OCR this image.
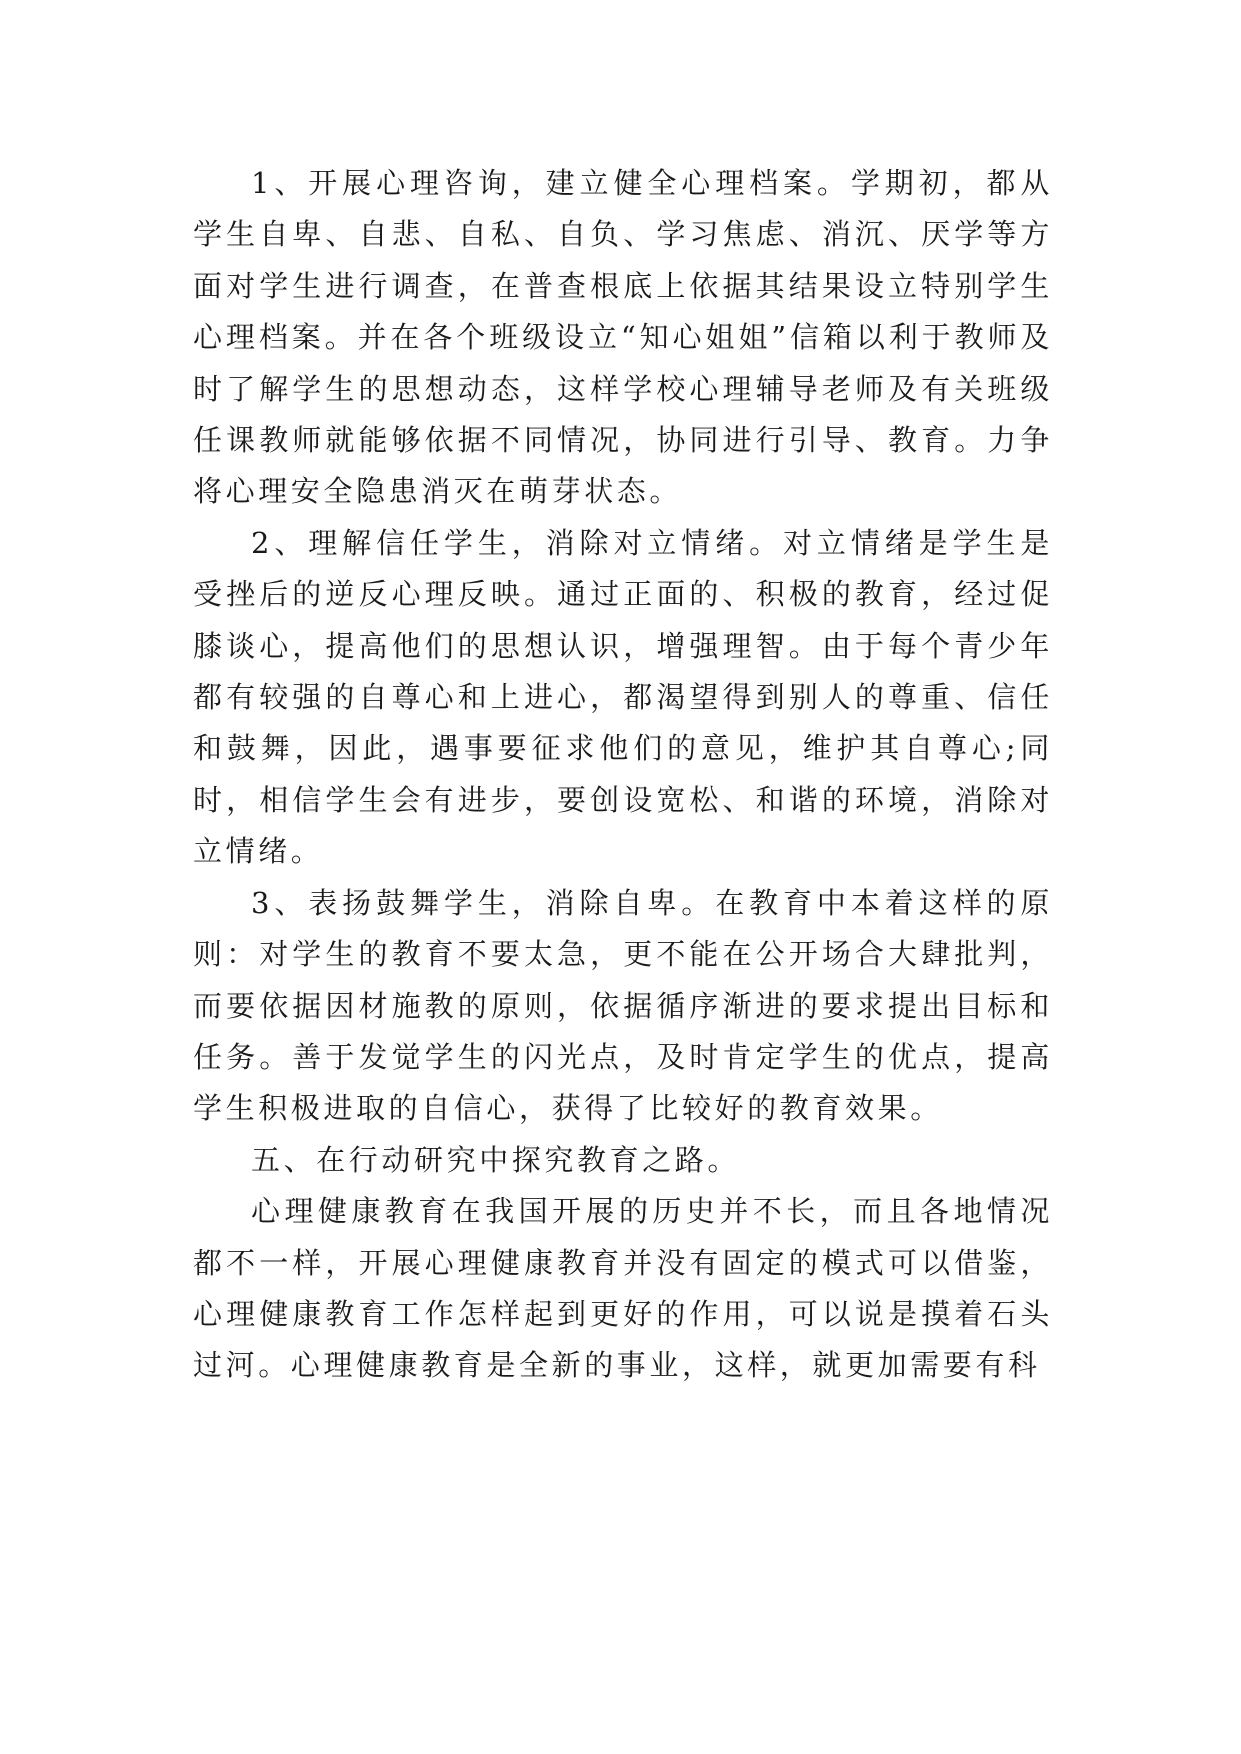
1、开展心理咨询，建立健全心理档案。学期初，都从学生自卑、自悲、自私、自负、学习焦虑、消沉、厌学等方面对学生进行调查，在普查根底上依据其结果设立特别学生心理档案。并在各个班级设立“知心姐姐”信箱以利于教师及时了解学生的思想动态，这样学校心理辅导老师及有关班级任课教师就能够依据不同情况，协同进行引导、教育。力争将心理安全隐患消灭在萌芽状态。

2、理解信任学生，消除对立情绪。对立情绪是学生是受挫后的逆反心理反映。通过正面的、积极的教育，经过促膝谈心，提高他们的思想认识，增强理智。由于每个青少年都有较强的自尊心和上进心，都渴望得到别人的尊重、信任和鼓舞，因此，遇事要征求他们的意见，维护其自尊心;同时，相信学生会有进步，要创设宽松、和谐的环境，消除对立情绪。

3、表扬鼓舞学生，消除自卑。在教育中本着这样的原则：对学生的教育不要太急，更不能在公开场合大肆批判，而要依据因材施教的原则，依据循序渐进的要求提出目标和任务。善于发觉学生的闪光点，及时肯定学生的优点，提高学生积极进取的自信心，获得了比较好的教育效果。

五、在行动研究中探究教育之路。

心理健康教育在我国开展的历史并不长，而且各地情况都不一样，开展心理健康教育并没有固定的模式可以借鉴，心理健康教育工作怎样起到更好的作用，可以说是摸着石头过河。心理健康教育是全新的事业，这样，就更加需要有科
